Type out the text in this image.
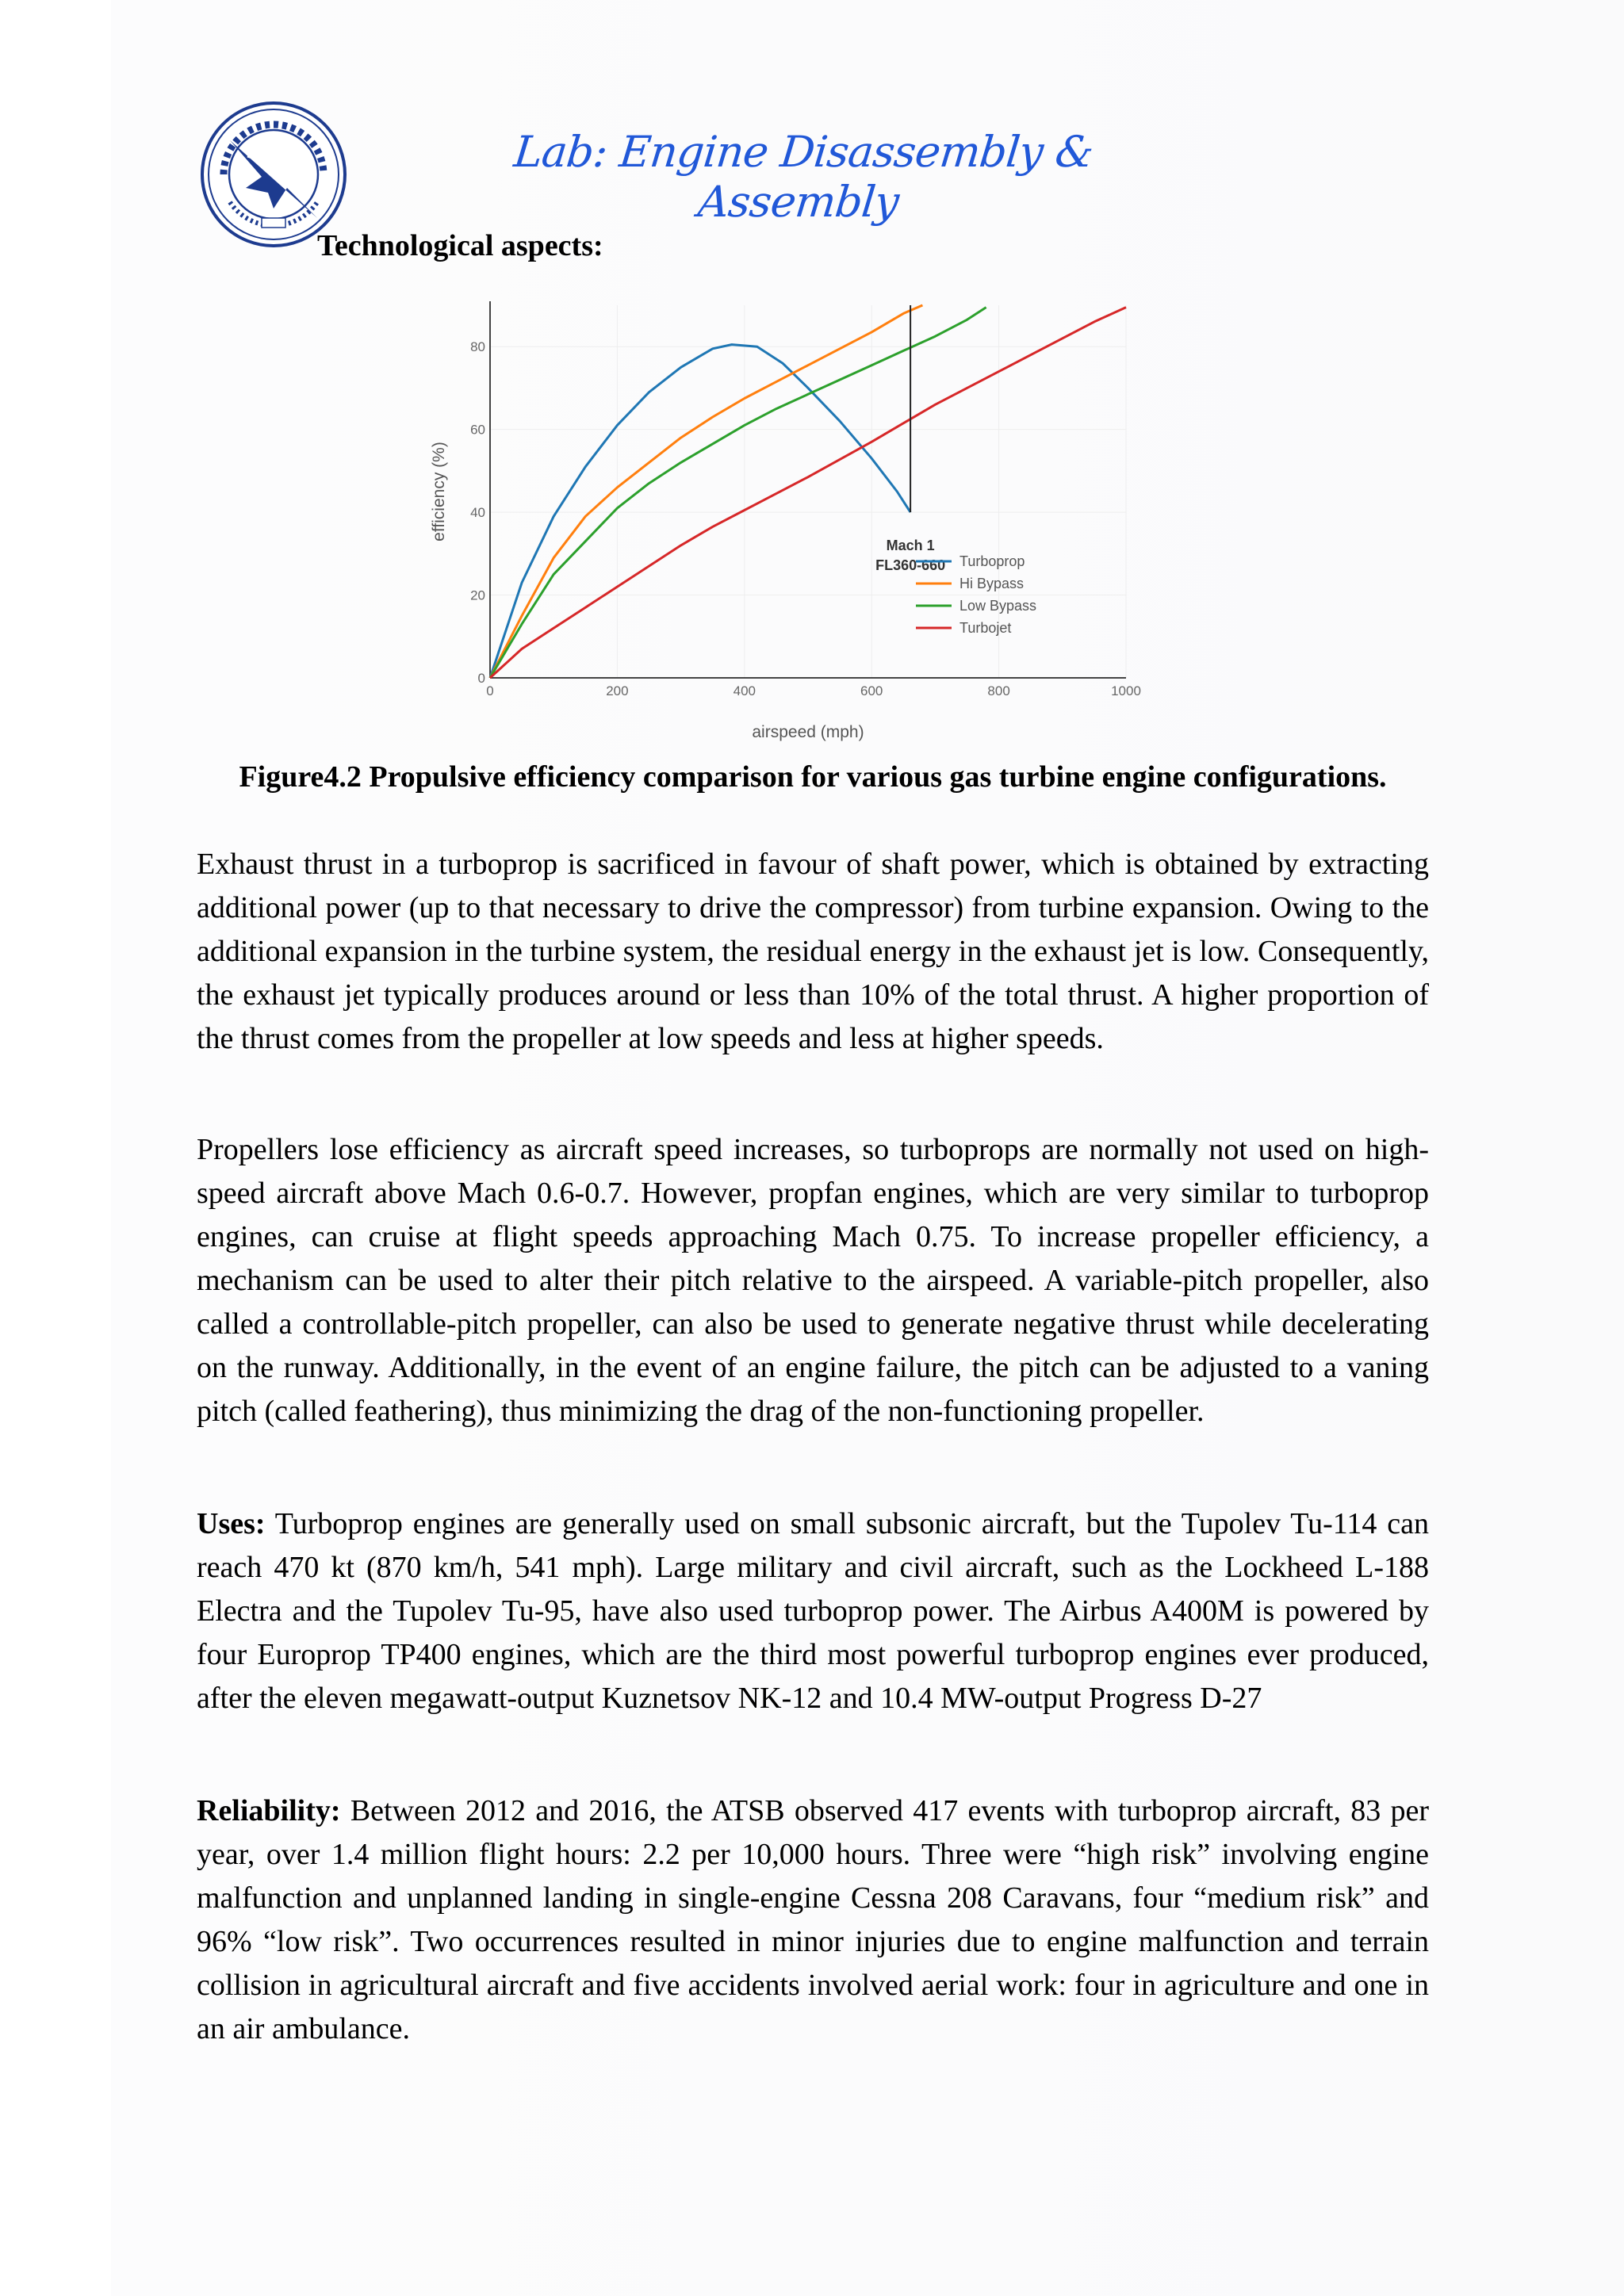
Lab: Engine Disassembly & Assembly
Technological aspects:
0	200	400	600	800	1000
0
20
40
60
80
Mach 1
FL360-660 Turboprop
Hi Bypass
Low Bypass
Turbojet
efficiency (%)
airspeed (mph)
Figure4.2 Propulsive efficiency comparison for various gas turbine engine configurations.
Exhaust thrust in a turboprop is sacrificed in favour of shaft power, which is obtained by extracting additional power (up to that necessary to drive the compressor) from turbine expansion. Owing to the additional expansion in the turbine system, the residual energy in the exhaust jet is low. Consequently, the exhaust jet typically produces around or less than 10% of the total thrust. A higher proportion of the thrust comes from the propeller at low speeds and less at higher speeds.
Propellers lose efficiency as aircraft speed increases, so turboprops are normally not used on high-speed aircraft above Mach 0.6-0.7. However, propfan engines, which are very similar to turboprop engines, can cruise at flight speeds approaching Mach 0.75. To increase propeller efficiency, a mechanism can be used to alter their pitch relative to the airspeed. A variable-pitch propeller, also called a controllable-pitch propeller, can also be used to generate negative thrust while decelerating on the runway. Additionally, in the event of an engine failure, the pitch can be adjusted to a vaning pitch (called feathering), thus minimizing the drag of the non-functioning propeller.
Uses: Turboprop engines are generally used on small subsonic aircraft, but the Tupolev Tu-114 can reach 470 kt (870 km/h, 541 mph). Large military and civil aircraft, such as the Lockheed L-188 Electra and the Tupolev Tu-95, have also used turboprop power. The Airbus A400M is powered by four Europrop TP400 engines, which are the third most powerful turboprop engines ever produced, after the eleven megawatt-output Kuznetsov NK-12 and 10.4 MW-output Progress D-27
Reliability: Between 2012 and 2016, the ATSB observed 417 events with turboprop aircraft, 83 per year, over 1.4 million flight hours: 2.2 per 10,000 hours. Three were “high risk” involving engine malfunction and unplanned landing in single-engine Cessna 208 Caravans, four “medium risk” and 96% “low risk”. Two occurrences resulted in minor injuries due to engine malfunction and terrain collision in agricultural aircraft and five accidents involved aerial work: four in agriculture and one in an air ambulance.
